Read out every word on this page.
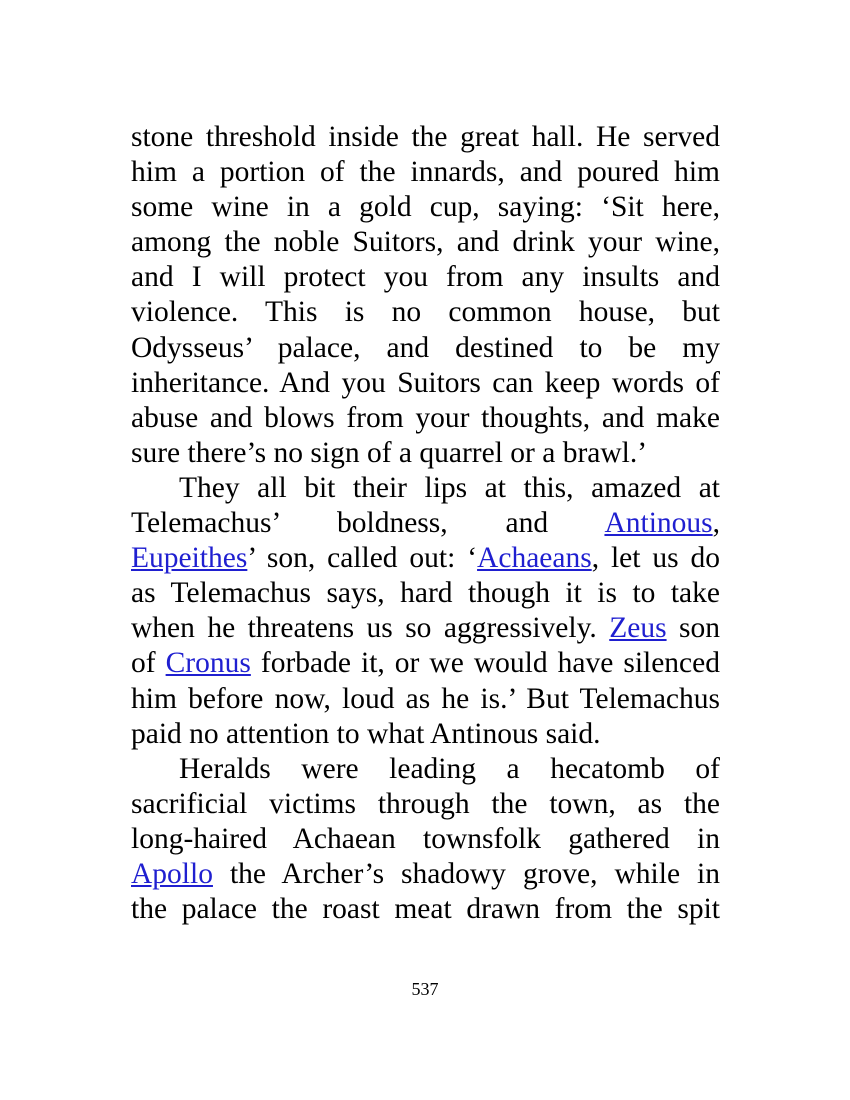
stone threshold inside the great hall. He served
him a portion of the innards, and poured him
some wine in a gold cup, saying: ‘Sit here,
among the noble Suitors, and drink your wine,
and I will protect you from any insults and
violence. This is no common house, but
Odysseus’ palace, and destined to be my
inheritance. And you Suitors can keep words of
abuse and blows from your thoughts, and make
sure there’s no sign of a quarrel or a brawl.’
They all bit their lips at this, amazed at
Telemachus’ boldness, and Antinous,
Eupeithes’ son, called out: ‘Achaeans, let us do
as Telemachus says, hard though it is to take
when he threatens us so aggressively. Zeus son
of Cronus forbade it, or we would have silenced
him before now, loud as he is.’ But Telemachus
paid no attention to what Antinous said.
Heralds were leading a hecatomb of
sacrificial victims through the town, as the
long-haired Achaean townsfolk gathered in
Apollo the Archer’s shadowy grove, while in
the palace the roast meat drawn from the spit
537
